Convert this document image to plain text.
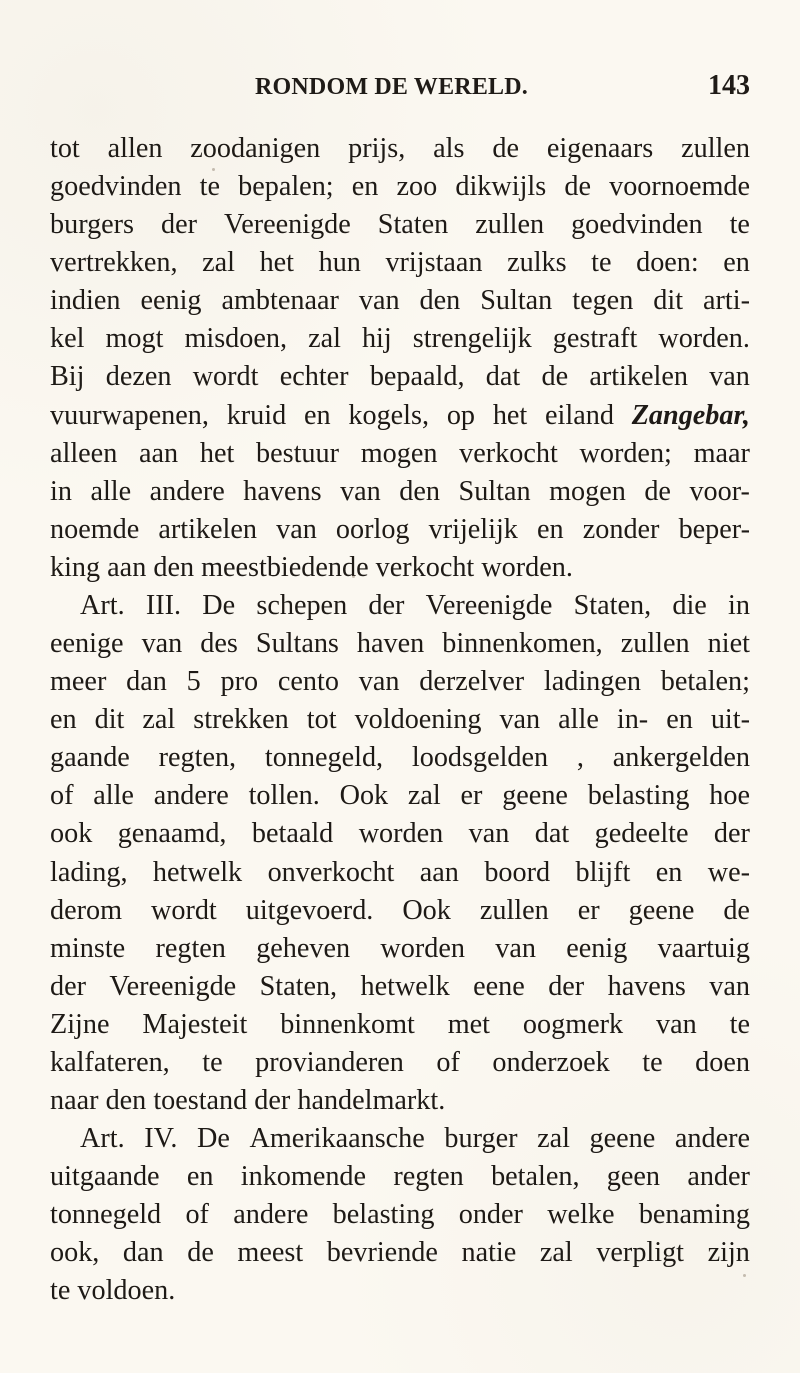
RONDOM DE WERELD.	143
tot allen zoodanigen prijs, als de eigenaars zullen
goedvinden te bepalen; en zoo dikwijls de voornoemde
burgers der Vereenigde Staten zullen goedvinden te
vertrekken, zal het hun vrijstaan zulks te doen: en
indien eenig ambtenaar van den Sultan tegen dit arti-
kel mogt misdoen, zal hij strengelijk gestraft worden.
Bij dezen wordt echter bepaald, dat de artikelen van
vuurwapenen, kruid en kogels, op het eiland Zangebar,
alleen aan het bestuur mogen verkocht worden; maar
in alle andere havens van den Sultan mogen de voor-
noemde artikelen van oorlog vrijelijk en zonder beper-
king aan den meestbiedende verkocht worden.
Art. III. De schepen der Vereenigde Staten, die in
eenige van des Sultans haven binnenkomen, zullen niet
meer dan 5 pro cento van derzelver ladingen betalen;
en dit zal strekken tot voldoening van alle in- en uit-
gaande regten, tonnegeld, loodsgelden , ankergelden
of alle andere tollen. Ook zal er geene belasting hoe
ook genaamd, betaald worden van dat gedeelte der
lading, hetwelk onverkocht aan boord blijft en we-
derom wordt uitgevoerd. Ook zullen er geene de
minste regten geheven worden van eenig vaartuig
der Vereenigde Staten, hetwelk eene der havens van
Zijne Majesteit binnenkomt met oogmerk van te
kalfateren, te provianderen of onderzoek te doen
naar den toestand der handelmarkt.
Art. IV. De Amerikaansche burger zal geene andere
uitgaande en inkomende regten betalen, geen ander
tonnegeld of andere belasting onder welke benaming
ook, dan de meest bevriende natie zal verpligt zijn
te voldoen.
